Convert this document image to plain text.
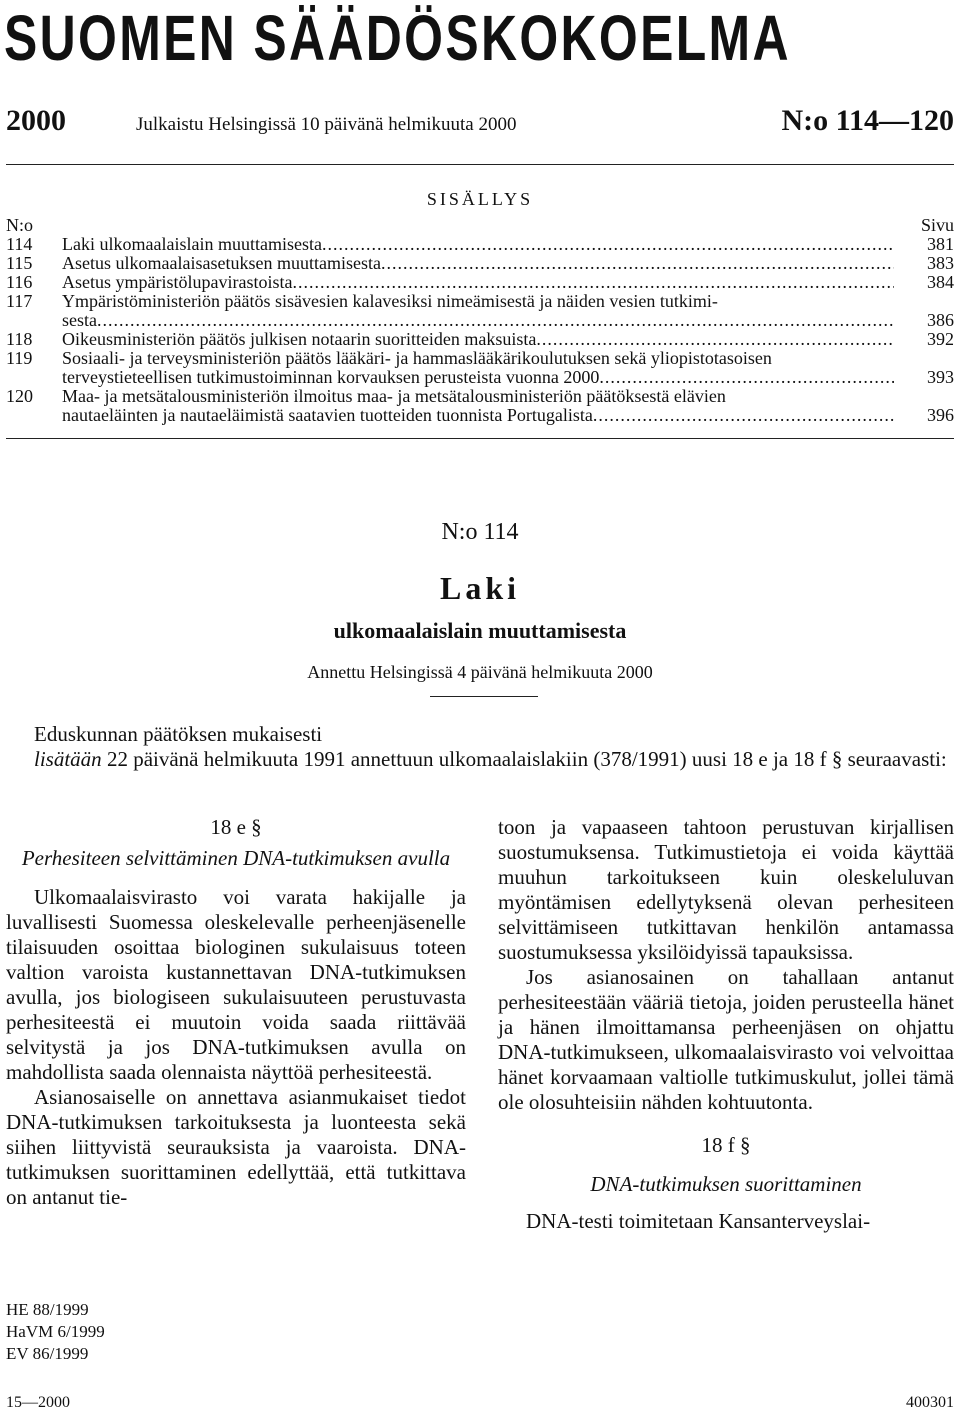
SUOMEN SÄÄDÖSKOKOELMA
2000	Julkaistu Helsingissä 10 päivänä helmikuuta 2000	N:o 114—120
SISÄLLYS
N:o	Sivu
114 Laki ulkomaalaislain muuttamisesta .....	381
115 Asetus ulkomaalaisasetuksen muuttamisesta .....	383
116 Asetus ympäristölupavirastoista .....	384
117 Ympäristöministeriön päätös sisävesien kalavesiksi nimeämisestä ja näiden vesien tutkimi-
sesta .....	386
118 Oikeusministeriön päätös julkisen notaarin suoritteiden maksuista .....	392
119 Sosiaali- ja terveysministeriön päätös lääkäri- ja hammaslääkärikoulutuksen sekä yliopistotasoisen
terveystieteellisen tutkimustoiminnan korvauksen perusteista vuonna 2000 .....	393
120 Maa- ja metsätalousministeriön ilmoitus maa- ja metsätalousministeriön päätöksestä elävien
nautaeläinten ja nautaeläimistä saatavien tuotteiden tuonnista Portugalista .....	396
N:o 114
Laki
ulkomaalaislain muuttamisesta
Annettu Helsingissä 4 päivänä helmikuuta 2000
Eduskunnan päätöksen mukaisesti
lisätään 22 päivänä helmikuuta 1991 annettuun ulkomaalaislakiin (378/1991) uusi 18 e ja 18 f § seuraavasti:
18 e §
Perhesiteen selvittäminen DNA-tutkimuksen avulla

Ulkomaalaisvirasto voi varata hakijalle ja luvallisesti Suomessa oleskelevalle perheenjäsenelle tilaisuuden osoittaa biologinen sukulaisuus toteen valtion varoista kustannettavan DNA-tutkimuksen avulla, jos biologiseen sukulaisuuteen perustuvasta perhesiteestä ei muutoin voida saada riittävää selvitystä ja jos DNA-tutkimuksen avulla on mahdollista saada olennaista näyttöä perhesiteestä.

Asianosaiselle on annettava asianmukaiset tiedot DNA-tutkimuksen tarkoituksesta ja luonteesta sekä siihen liittyvistä seurauksista ja vaaroista. DNA-tutkimuksen suorittaminen edellyttää, että tutkittava on antanut tie-

toon ja vapaaseen tahtoon perustuvan kirjallisen suostumuksensa. Tutkimustietoja ei voida käyttää muuhun tarkoitukseen kuin oleskeluluvan myöntämisen edellytyksenä olevan perhesiteen selvittämiseen tutkittavan henkilön antamassa suostumuksessa yksilöidyissä tapauksissa.

Jos asianosainen on tahallaan antanut perhesiteestään vääriä tietoja, joiden perusteella hänet ja hänen ilmoittamansa perheenjäsen on ohjattu DNA-tutkimukseen, ulkomaalaisvirasto voi velvoittaa hänet korvaamaan valtiolle tutkimuskulut, jollei tämä ole olosuhteisiin nähden kohtuutonta.

18 f §
DNA-tutkimuksen suorittaminen

DNA-testi toimitetaan Kansanterveyslai-

HE 88/1999
HaVM 6/1999
EV 86/1999
15—2000	400301
